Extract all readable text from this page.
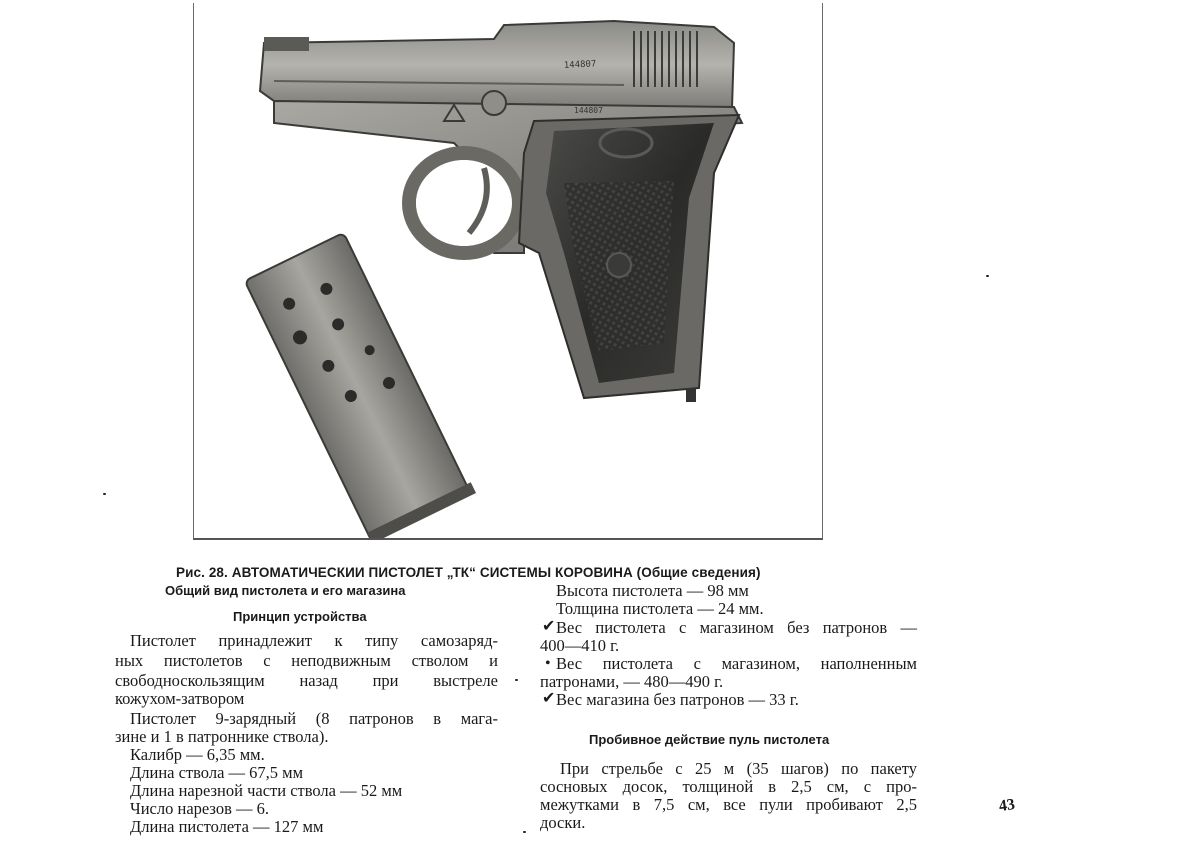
144807
144807
Рис. 28. АВТОМАТИЧЕСКИИ ПИСТОЛЕТ „ТК“ СИСТЕМЫ КОРОВИНА (Общие сведения)
Общий вид пистолета и его магазина
Принцип устройства
Пистолет принадлежит к типу самозаряд-
ных пистолетов с неподвижным стволом и
свободноскользящим назад при выстреле
кожухом-затвором
Пистолет 9-зарядный (8 патронов в мага-
зине и 1 в патроннике ствола).
Калибр — 6,35 мм.
Длина ствола — 67,5 мм
Длина нарезной части ствола — 52 мм
Число нарезов — 6.
Длина пистолета — 127 мм
Высота пистолета — 98 мм
Толщина пистолета — 24 мм.
✔ Вес пистолета с магазином без патронов —
400—410 г.
• Вес пистолета с магазином, наполненным
патронами, — 480—490 г.
✔ Вес магазина без патронов — 33 г.
Пробивное действие пуль пистолета
При стрельбе с 25 м (35 шагов) по пакету
сосновых досок, толщиной в 2,5 см, с про-
межутками в 7,5 см, все пули пробивают 2,5
доски.
43
